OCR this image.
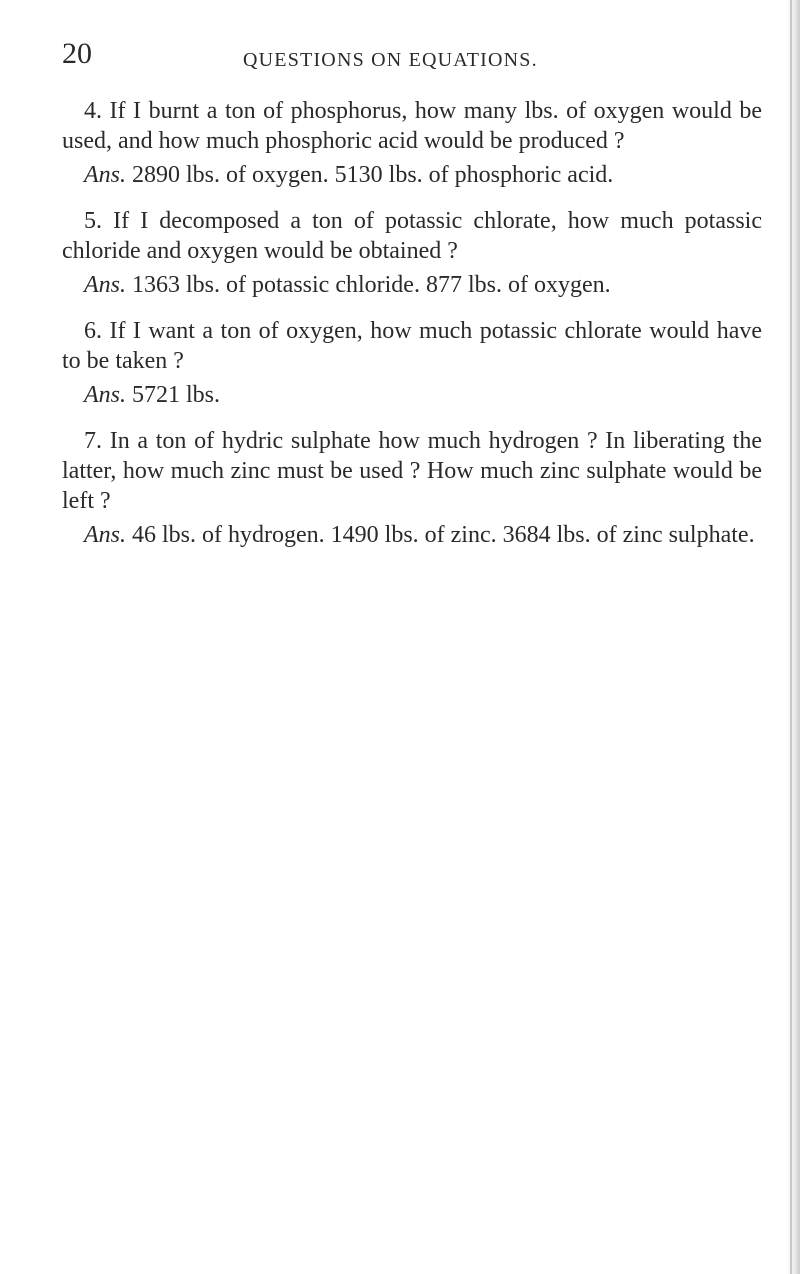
20	QUESTIONS ON EQUATIONS.

4. If I burnt a ton of phosphorus, how many lbs. of oxygen would be used, and how much phosphoric acid would be produced ?

Ans. 2890 lbs. of oxygen. 5130 lbs. of phosphoric acid.

5. If I decomposed a ton of potassic chlorate, how much potassic chloride and oxygen would be obtained ?

Ans. 1363 lbs. of potassic chloride. 877 lbs. of oxygen.

6. If I want a ton of oxygen, how much potassic chlorate would have to be taken ?

Ans. 5721 lbs.

7. In a ton of hydric sulphate how much hydrogen ? In liberating the latter, how much zinc must be used ? How much zinc sulphate would be left ?

Ans. 46 lbs. of hydrogen. 1490 lbs. of zinc. 3684 lbs. of zinc sulphate.
